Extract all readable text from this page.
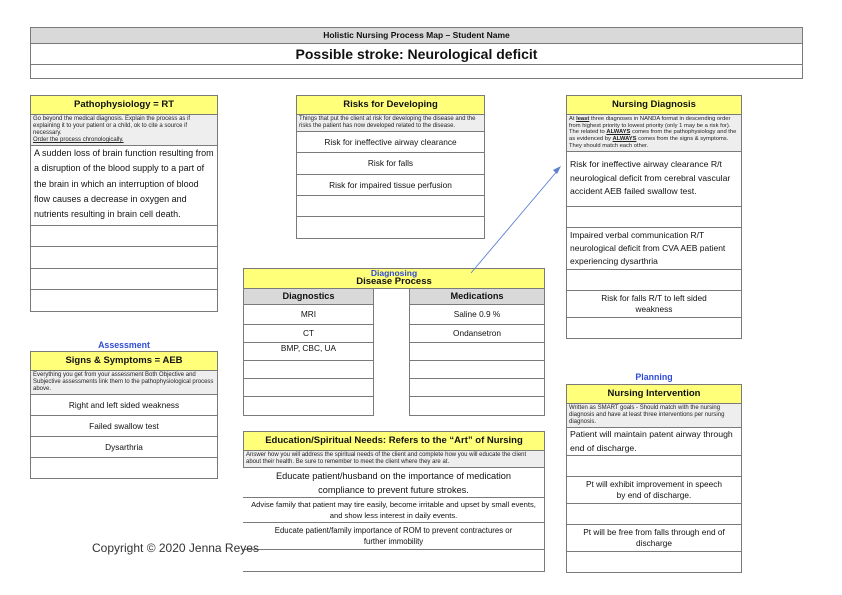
Holistic Nursing Process Map – Student Name
Possible stroke: Neurological deficit
Pathophysiology = RT
Go beyond the medical diagnosis. Explain the process as if explaining it to your patient or a child, ok to cite a source if necessary.
Order the process chronologically.
A sudden loss of brain function resulting from a disruption of the blood supply to a part of the brain in which an interruption of blood flow causes a decrease in oxygen and nutrients resulting in brain cell death.
Assessment
Signs & Symptoms = AEB
Everything you get from your assessment Both Objective and Subjective assessments link them to the pathophysiological process above.
Right and left sided weakness
Failed swallow test
Dysarthria
Risks for Developing
Things that put the client at risk for developing the disease and the risks the patient has now developed related to the disease.
Risk for ineffective airway clearance
Risk for falls
Risk for impaired tissue perfusion
Diagnosing
Disease Process
Diagnostics
MRI
CT
BMP, CBC, UA
Medications
Saline 0.9 %
Ondansetron
Education/Spiritual Needs: Refers to the “Art” of Nursing
Answer how you will address the spiritual needs of the client and complete how you will educate the client about their health. Be sure to remember to meet the client where they are at.
Educate patient/husband on the importance of medication compliance to prevent future strokes.
Advise family that patient may tire easily, become irritable and upset by small events, and show less interest in daily events.
Educate patient/family importance of ROM to prevent contractures or further immobility
Nursing Diagnosis
At least three diagnoses in NANDA format in descending order from highest priority to lowest priority (only 1 may be a risk for). The related to ALWAYS comes from the pathophysiology and the as evidenced by ALWAYS comes from the signs & symptoms. They should match each other.
Risk for ineffective airway clearance R/t neurological deficit from cerebral vascular accident AEB failed swallow test.
Impaired verbal communication R/T neurological deficit from CVA AEB patient experiencing dysarthria
Risk for falls R/T to left sided weakness
Planning
Nursing Intervention
Written as SMART goals - Should match with the nursing diagnosis and have at least three interventions per nursing diagnosis.
Patient will maintain patent airway through end of discharge.
Pt will exhibit improvement in speech by end of discharge.
Pt will be free from falls through end of discharge
Copyright © 2020 Jenna Reyes
